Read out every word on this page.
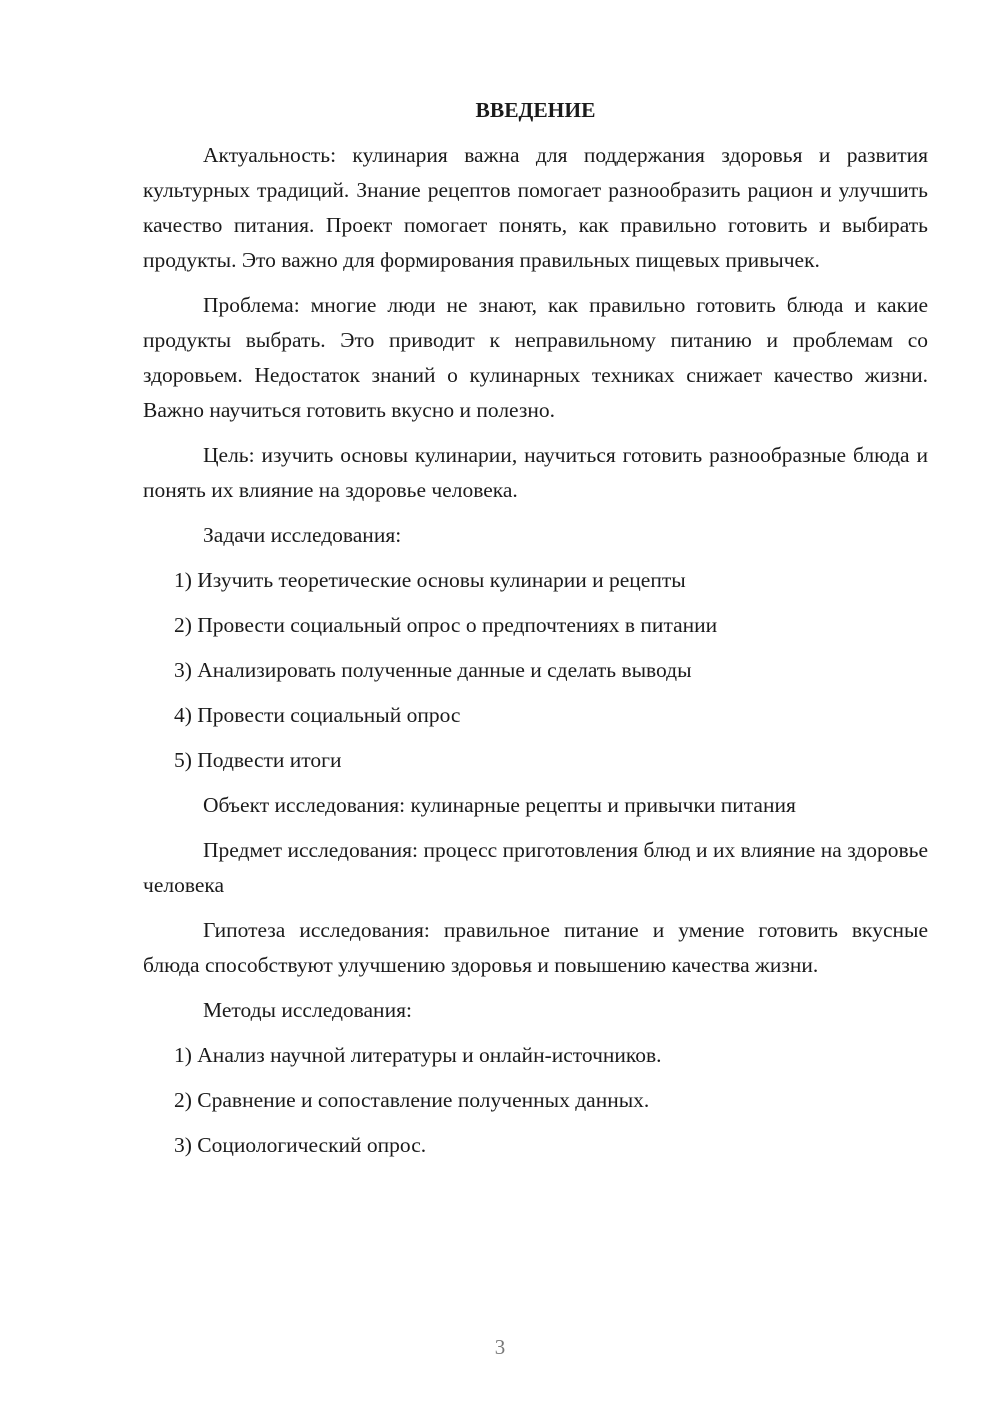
ВВЕДЕНИЕ

Актуальность: кулинария важна для поддержания здоровья и развития культурных традиций. Знание рецептов помогает разнообразить рацион и улучшить качество питания. Проект помогает понять, как правильно готовить и выбирать продукты. Это важно для формирования правильных пищевых привычек.

Проблема: многие люди не знают, как правильно готовить блюда и какие продукты выбрать. Это приводит к неправильному питанию и проблемам со здоровьем. Недостаток знаний о кулинарных техниках снижает качество жизни. Важно научиться готовить вкусно и полезно.

Цель: изучить основы кулинарии, научиться готовить разнообразные блюда и понять их влияние на здоровье человека.

Задачи исследования:

1) Изучить теоретические основы кулинарии и рецепты
2) Провести социальный опрос о предпочтениях в питании
3) Анализировать полученные данные и сделать выводы
4) Провести социальный опрос
5) Подвести итоги

Объект исследования: кулинарные рецепты и привычки питания

Предмет исследования: процесс приготовления блюд и их влияние на здоровье человека

Гипотеза исследования: правильное питание и умение готовить вкусные блюда способствуют улучшению здоровья и повышению качества жизни.

Методы исследования:

1) Анализ научной литературы и онлайн-источников.
2) Сравнение и сопоставление полученных данных.
3) Социологический опрос.
3
